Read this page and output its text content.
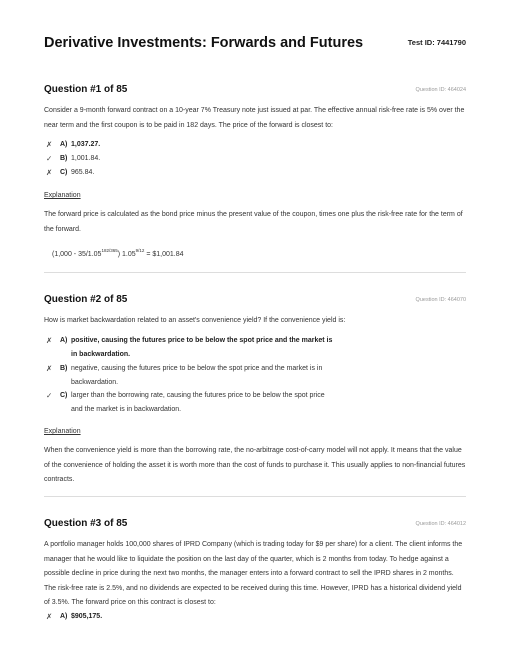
Derivative Investments: Forwards and Futures	Test ID: 7441790
Question #1 of 85	Question ID: 464024

Consider a 9-month forward contract on a 10-year 7% Treasury note just issued at par. The effective annual risk-free rate is 5% over the near term and the first coupon is to be paid in 182 days. The price of the forward is closest to:

✗	A) 1,037.27.
✓	B) 1,001.84.
✗	C) 965.84.
Explanation

The forward price is calculated as the bond price minus the present value of the coupon, times one plus the risk-free rate for the term of the forward.

$(1,000 - 35/1.05^{182/365})$ $1.05^{9/12}$ = $1,001.84
Question #2 of 85	Question ID: 464070

How is market backwardation related to an asset's convenience yield? If the convenience yield is:

✗	A) positive, causing the futures price to be below the spot price and the market is
in backwardation.
✗	B) negative, causing the futures price to be below the spot price and the market is in
backwardation.
✓	C) larger than the borrowing rate, causing the futures price to be below the spot price
and the market is in backwardation.
Explanation

When the convenience yield is more than the borrowing rate, the no-arbitrage cost-of-carry model will not apply. It means that the value of the convenience of holding the asset it is worth more than the cost of funds to purchase it. This usually applies to non-financial futures contracts.

Question #3 of 85	Question ID: 464012

A portfolio manager holds 100,000 shares of IPRD Company (which is trading today for $9 per share) for a client. The client informs the manager that he would like to liquidate the position on the last day of the quarter, which is 2 months from today. To hedge against a possible decline in price during the next two months, the manager enters into a forward contract to sell the IPRD shares in 2 months. The risk-free rate is 2.5%, and no dividends are expected to be received during this time. However, IPRD has a historical dividend yield of 3.5%. The forward price on this contract is closest to:

✗	A) $905,175.
